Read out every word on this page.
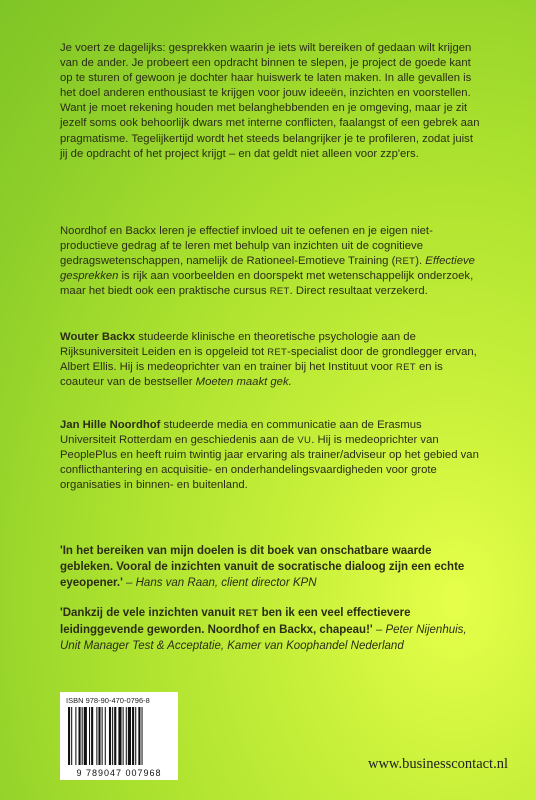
Je voert ze dagelijks: gesprekken waarin je iets wilt bereiken of gedaan wilt krijgen van de ander. Je probeert een opdracht binnen te slepen, je project de goede kant op te sturen of gewoon je dochter haar huiswerk te laten maken. In alle gevallen is het doel anderen enthousiast te krijgen voor jouw ideeën, inzichten en voorstellen. Want je moet rekening houden met belanghebbenden en je omgeving, maar je zit jezelf soms ook behoorlijk dwars met interne conflicten, faalangst of een gebrek aan pragmatisme. Tegelijkertijd wordt het steeds belangrijker je te profileren, zodat juist jij de opdracht of het project krijgt – en dat geldt niet alleen voor zzp'ers.

Noordhof en Backx leren je effectief invloed uit te oefenen en je eigen niet-productieve gedrag af te leren met behulp van inzichten uit de cognitieve gedragswetenschappen, namelijk de Rationeel-Emotieve Training (RET). Effectieve gesprekken is rijk aan voorbeelden en doorspekt met wetenschappelijk onderzoek, maar het biedt ook een praktische cursus RET. Direct resultaat verzekerd.

Wouter Backx studeerde klinische en theoretische psychologie aan de Rijksuniversiteit Leiden en is opgeleid tot RET-specialist door de grondlegger ervan, Albert Ellis. Hij is medeoprichter van en trainer bij het Instituut voor RET en is coauteur van de bestseller Moeten maakt gek.

Jan Hille Noordhof studeerde media en communicatie aan de Erasmus Universiteit Rotterdam en geschiedenis aan de VU. Hij is medeoprichter van PeoplePlus en heeft ruim twintig jaar ervaring als trainer/adviseur op het gebied van conflicthantering en acquisitie- en onderhandelingsvaardigheden voor grote organisaties in binnen- en buitenland.

'In het bereiken van mijn doelen is dit boek van onschatbare waarde gebleken. Vooral de inzichten vanuit de socratische dialoog zijn een echte eyeopener.' – Hans van Raan, client director KPN

'Dankzij de vele inzichten vanuit RET ben ik een veel effectievere leidinggevende geworden. Noordhof en Backx, chapeau!' – Peter Nijenhuis, Unit Manager Test & Acceptatie, Kamer van Koophandel Nederland

ISBN 978-90-470-0796-8
9 789047 007968
www.businesscontact.nl
